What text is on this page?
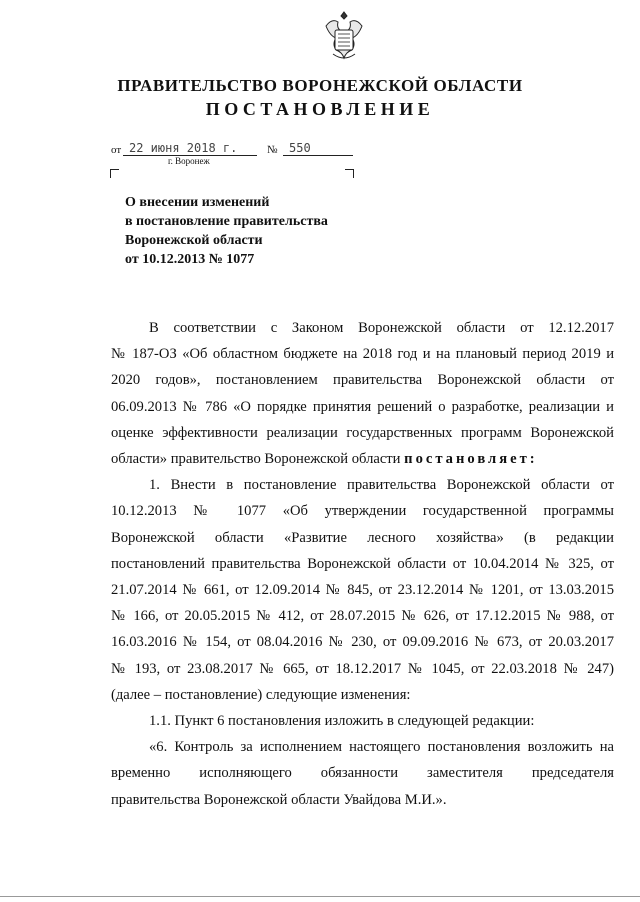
ПРАВИТЕЛЬСТВО ВОРОНЕЖСКОЙ ОБЛАСТИ
ПОСТАНОВЛЕНИЕ
от 22 июня 2018 г.	№ 550
г. Воронеж
О внесении изменений
в постановление правительства
Воронежской области
от 10.12.2013 № 1077
В соответствии с Законом Воронежской области от 12.12.2017
№ 187-ОЗ «Об областном бюджете на 2018 год и на плановый период 2019 и
2020 годов», постановлением правительства Воронежской области от
06.09.2013 № 786 «О порядке принятия решений о разработке, реализации и
оценке эффективности реализации государственных программ Воронежской
области» правительство Воронежской области постановляет:
1. Внести в постановление правительства Воронежской области от
10.12.2013 № 1077 «Об утверждении государственной программы
Воронежской области «Развитие лесного хозяйства» (в редакции
постановлений правительства Воронежской области от 10.04.2014 № 325, от
21.07.2014 № 661, от 12.09.2014 № 845, от 23.12.2014 № 1201, от 13.03.2015
№ 166, от 20.05.2015 № 412, от 28.07.2015 № 626, от 17.12.2015 № 988, от
16.03.2016 № 154, от 08.04.2016 № 230, от 09.09.2016 № 673, от 20.03.2017
№ 193, от 23.08.2017 № 665, от 18.12.2017 № 1045, от 22.03.2018 № 247)
(далее – постановление) следующие изменения:
1.1. Пункт 6 постановления изложить в следующей редакции:
«6. Контроль за исполнением настоящего постановления возложить на
временно исполняющего обязанности заместителя председателя
правительства Воронежской области Увайдова М.И.».
